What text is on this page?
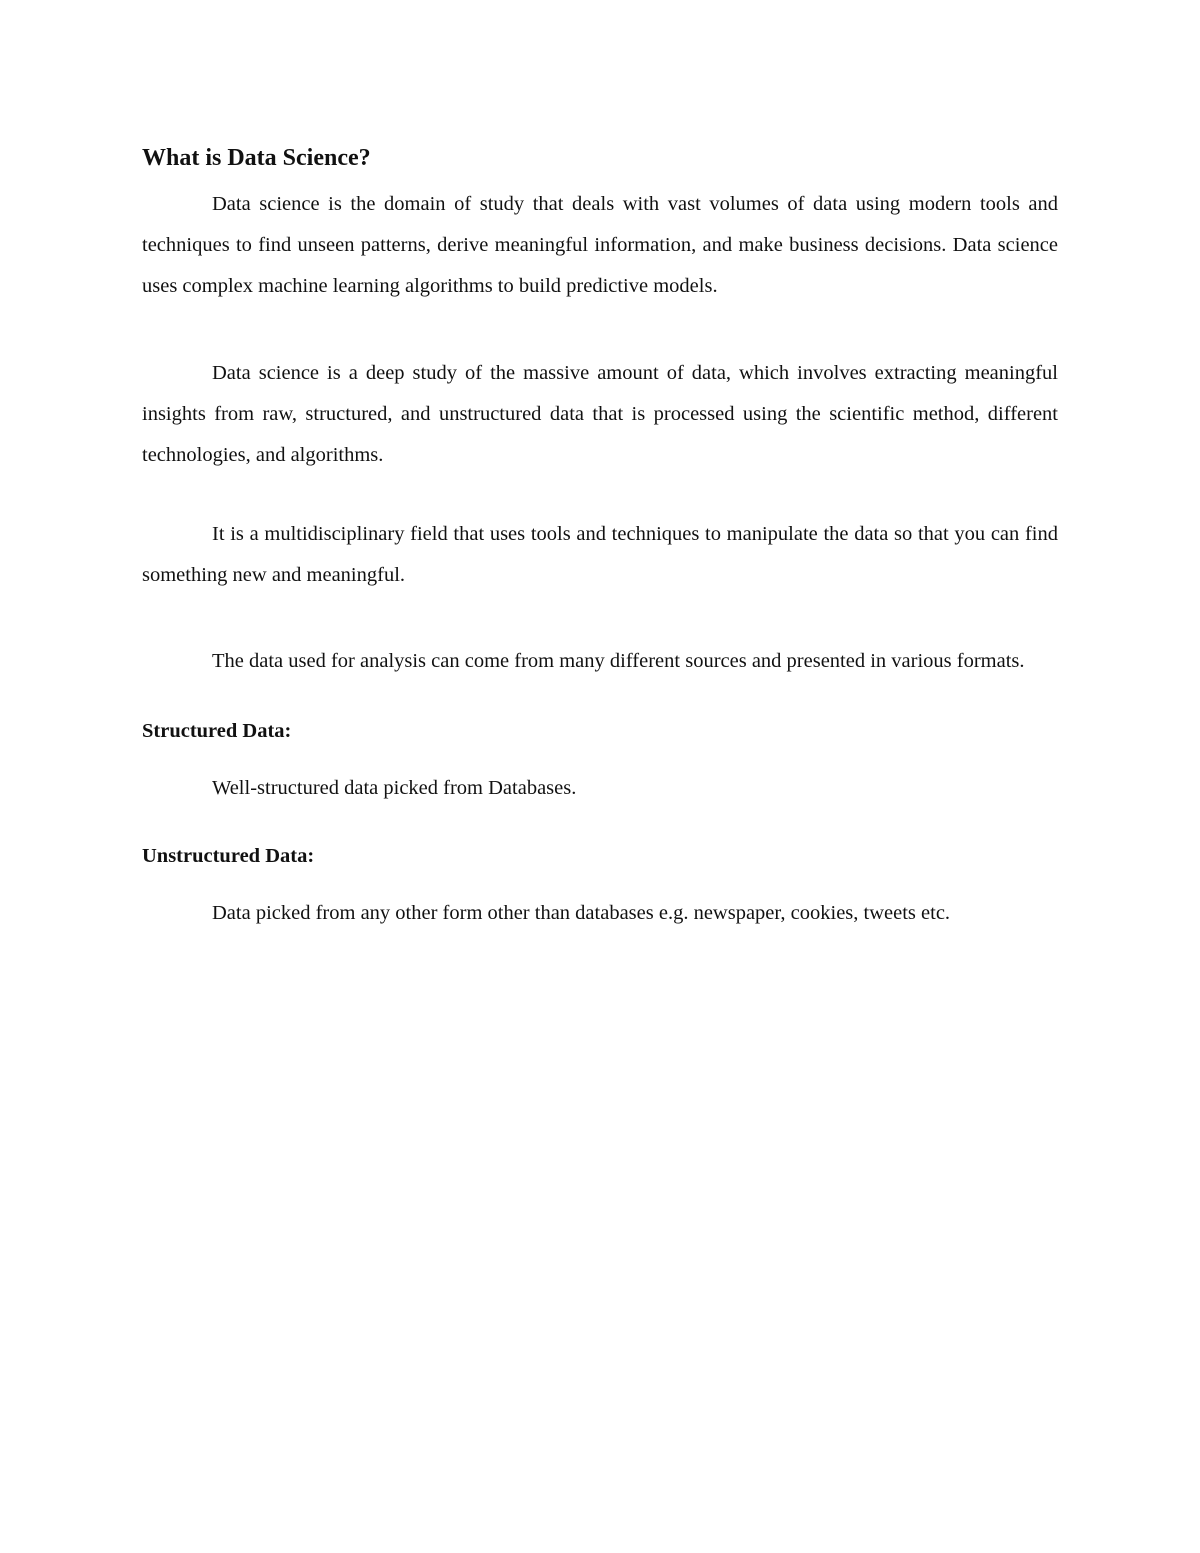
What is Data Science?

Data science is the domain of study that deals with vast volumes of data using modern tools and techniques to find unseen patterns, derive meaningful information, and make business decisions. Data science uses complex machine learning algorithms to build predictive models.

Data science is a deep study of the massive amount of data, which involves extracting meaningful insights from raw, structured, and unstructured data that is processed using the scientific method, different technologies, and algorithms.

It is a multidisciplinary field that uses tools and techniques to manipulate the data so that you can find something new and meaningful.

The data used for analysis can come from many different sources and presented in various formats.

Structured Data:

Well-structured data picked from Databases.

Unstructured Data:

Data picked from any other form other than databases e.g. newspaper, cookies, tweets etc.
